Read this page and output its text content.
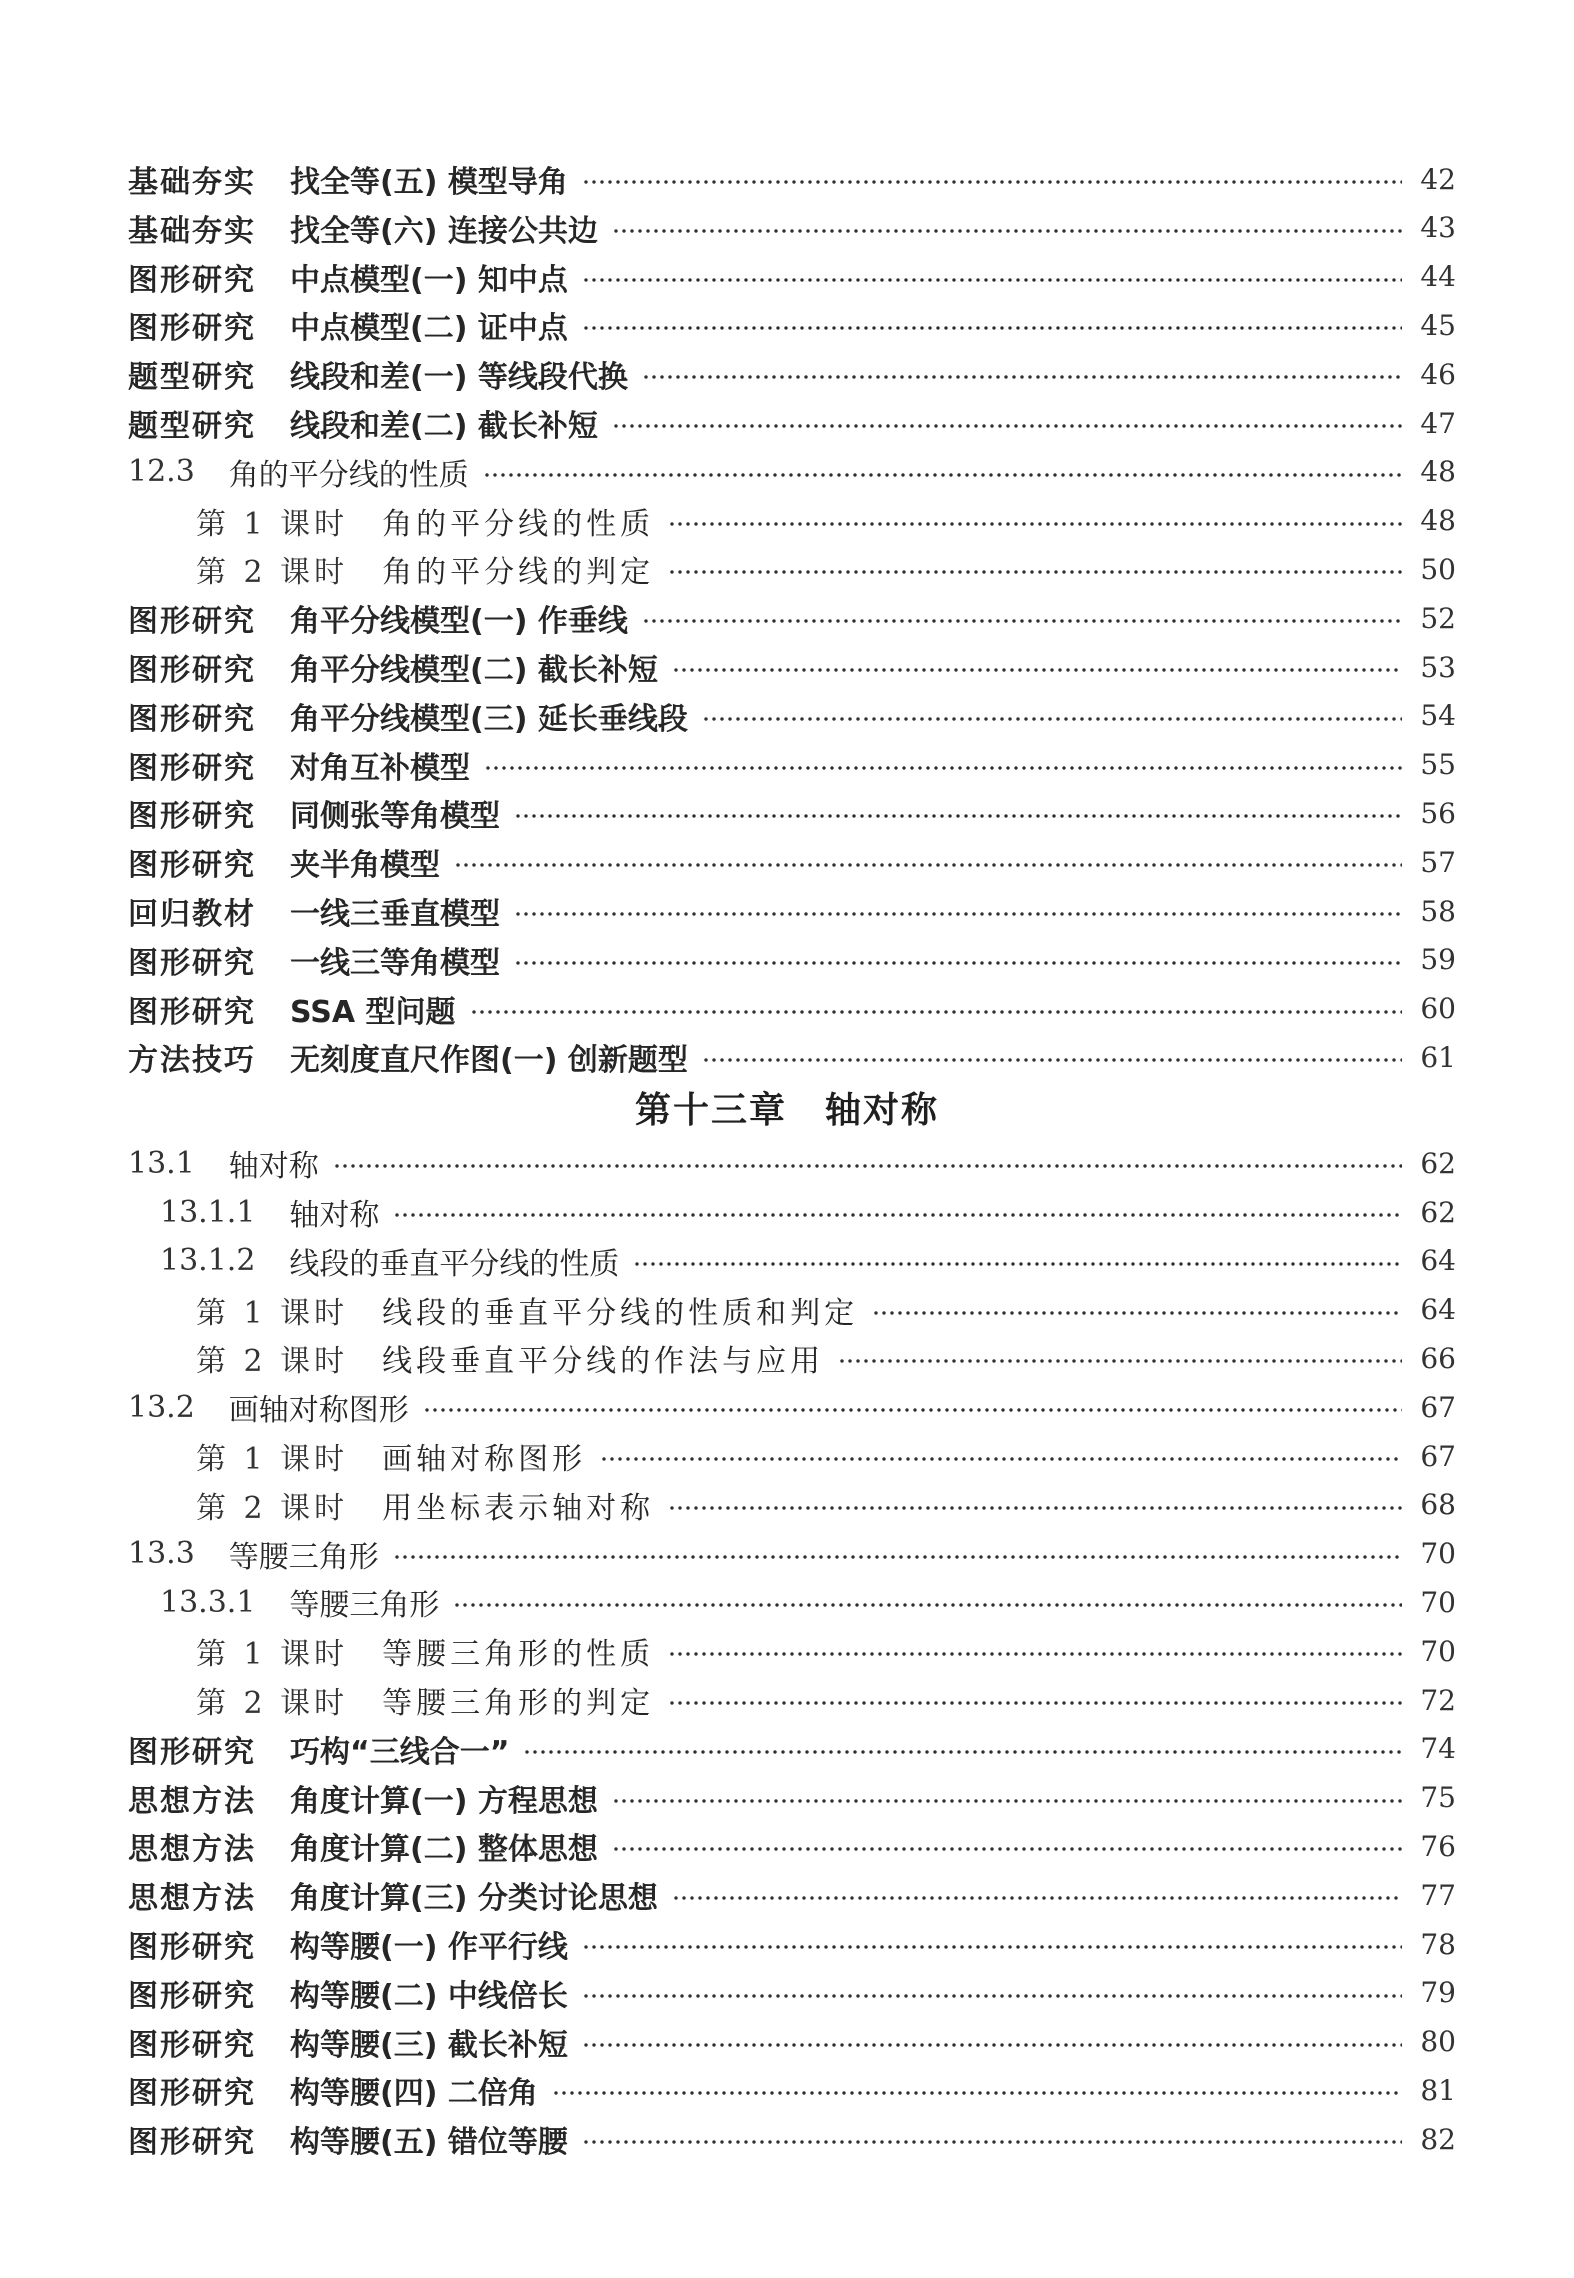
第十三章　轴对称
基础夯实 找全等(五) 模型导角	42
基础夯实 找全等(六) 连接公共边	43
图形研究 中点模型(一) 知中点	44
图形研究 中点模型(二) 证中点	45
题型研究 线段和差(一) 等线段代换	46
题型研究 线段和差(二) 截长补短	47
12.3 角的平分线的性质	48
第 1 课时 角的平分线的性质	48
第 2 课时 角的平分线的判定	50
图形研究 角平分线模型(一) 作垂线	52
图形研究 角平分线模型(二) 截长补短	53
图形研究 角平分线模型(三) 延长垂线段	54
图形研究 对角互补模型	55
图形研究 同侧张等角模型	56
图形研究 夹半角模型	57
回归教材 一线三垂直模型	58
图形研究 一线三等角模型	59
图形研究 SSA 型问题	60
方法技巧 无刻度直尺作图(一) 创新题型	61
13.1 轴对称	62
13.1.1 轴对称	62
13.1.2 线段的垂直平分线的性质	64
第 1 课时 线段的垂直平分线的性质和判定	64
第 2 课时 线段垂直平分线的作法与应用	66
13.2 画轴对称图形	67
第 1 课时 画轴对称图形	67
第 2 课时 用坐标表示轴对称	68
13.3 等腰三角形	70
13.3.1 等腰三角形	70
第 1 课时 等腰三角形的性质	70
第 2 课时 等腰三角形的判定	72
图形研究 巧构“三线合一”	74
思想方法 角度计算(一) 方程思想	75
思想方法 角度计算(二) 整体思想	76
思想方法 角度计算(三) 分类讨论思想	77
图形研究 构等腰(一) 作平行线	78
图形研究 构等腰(二) 中线倍长	79
图形研究 构等腰(三) 截长补短	80
图形研究 构等腰(四) 二倍角	81
图形研究 构等腰(五) 错位等腰	82
